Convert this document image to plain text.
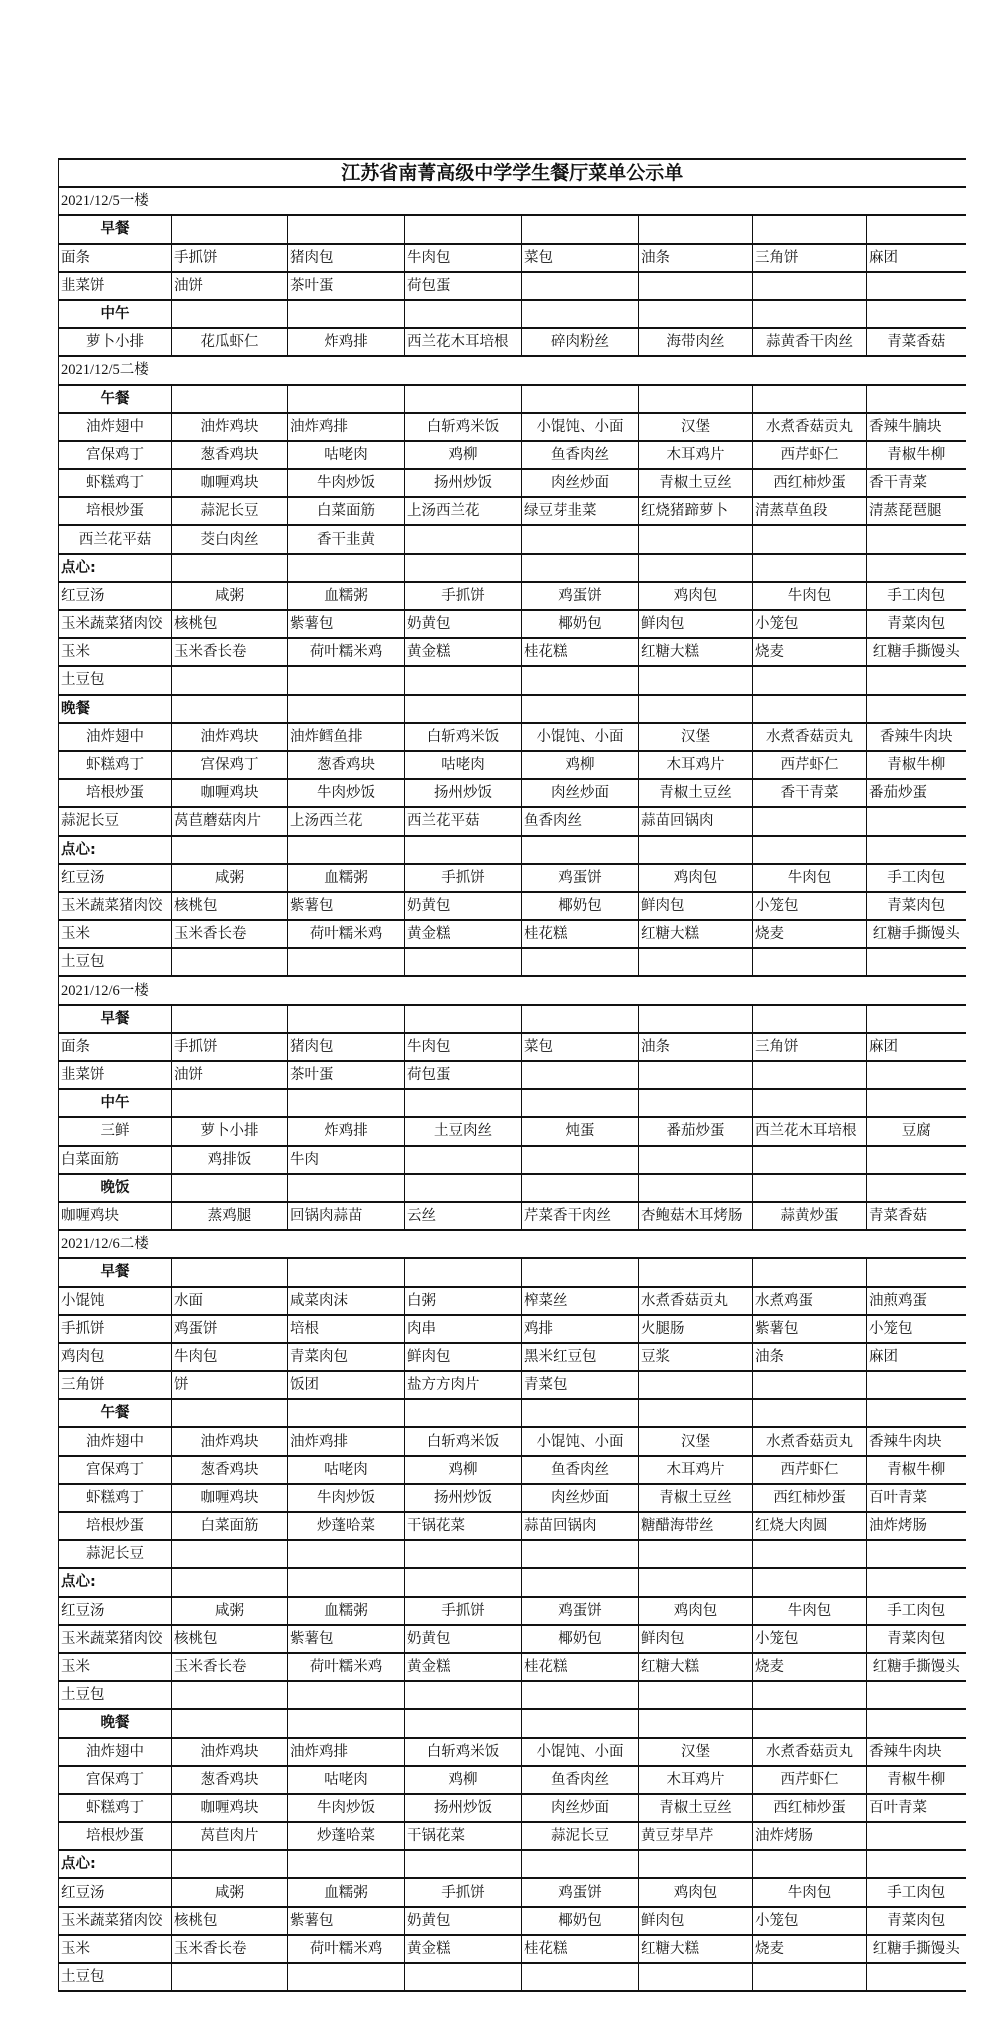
江苏省南菁高级中学学生餐厅菜单公示单							
2021/12/5一楼							
早餐							
面条	手抓饼	猪肉包	牛肉包	菜包	油条	三角饼	麻团
韭菜饼	油饼	茶叶蛋	荷包蛋				
中午							
萝卜小排	花瓜虾仁	炸鸡排	西兰花木耳培根	碎肉粉丝	海带肉丝	蒜黄香干肉丝	青菜香菇
2021/12/5二楼							
午餐							
油炸翅中	油炸鸡块	油炸鸡排	白斩鸡米饭	小馄饨、小面	汉堡	水煮香菇贡丸	香辣牛腩块
宫保鸡丁	葱香鸡块	咕咾肉	鸡柳	鱼香肉丝	木耳鸡片	西芹虾仁	青椒牛柳
虾糕鸡丁	咖喱鸡块	牛肉炒饭	扬州炒饭	肉丝炒面	青椒土豆丝	西红柿炒蛋	香干青菜
培根炒蛋	蒜泥长豆	白菜面筋	上汤西兰花	绿豆芽韭菜	红烧猪蹄萝卜	清蒸草鱼段	清蒸琵琶腿
西兰花平菇	茭白肉丝	香干韭黄					
点心:							
红豆汤	咸粥	血糯粥	手抓饼	鸡蛋饼	鸡肉包	牛肉包	手工肉包
玉米蔬菜猪肉饺	核桃包	紫薯包	奶黄包	椰奶包	鲜肉包	小笼包	青菜肉包
玉米	玉米香长卷	荷叶糯米鸡	黄金糕	桂花糕	红糖大糕	烧麦	红糖手撕馒头
土豆包							
晚餐							
油炸翅中	油炸鸡块	油炸鳕鱼排	白斩鸡米饭	小馄饨、小面	汉堡	水煮香菇贡丸	香辣牛肉块
虾糕鸡丁	宫保鸡丁	葱香鸡块	咕咾肉	鸡柳	木耳鸡片	西芹虾仁	青椒牛柳
培根炒蛋	咖喱鸡块	牛肉炒饭	扬州炒饭	肉丝炒面	青椒土豆丝	香干青菜	番茄炒蛋
蒜泥长豆	莴苣蘑菇肉片	上汤西兰花	西兰花平菇	鱼香肉丝	蒜苗回锅肉		
点心:							
红豆汤	咸粥	血糯粥	手抓饼	鸡蛋饼	鸡肉包	牛肉包	手工肉包
玉米蔬菜猪肉饺	核桃包	紫薯包	奶黄包	椰奶包	鲜肉包	小笼包	青菜肉包
玉米	玉米香长卷	荷叶糯米鸡	黄金糕	桂花糕	红糖大糕	烧麦	红糖手撕馒头
土豆包							
2021/12/6一楼							
早餐							
面条	手抓饼	猪肉包	牛肉包	菜包	油条	三角饼	麻团
韭菜饼	油饼	茶叶蛋	荷包蛋				
中午							
三鲜	萝卜小排	炸鸡排	土豆肉丝	炖蛋	番茄炒蛋	西兰花木耳培根	豆腐
白菜面筋	鸡排饭	牛肉					
晚饭							
咖喱鸡块	蒸鸡腿	回锅肉蒜苗	云丝	芹菜香干肉丝	杏鲍菇木耳烤肠	蒜黄炒蛋	青菜香菇
2021/12/6二楼							
早餐							
小馄饨	水面	咸菜肉沫	白粥	榨菜丝	水煮香菇贡丸	水煮鸡蛋	油煎鸡蛋
手抓饼	鸡蛋饼	培根	肉串	鸡排	火腿肠	紫薯包	小笼包
鸡肉包	牛肉包	青菜肉包	鲜肉包	黑米红豆包	豆浆	油条	麻团
三角饼	饼	饭团	盐方方肉片	青菜包			
午餐							
油炸翅中	油炸鸡块	油炸鸡排	白斩鸡米饭	小馄饨、小面	汉堡	水煮香菇贡丸	香辣牛肉块
宫保鸡丁	葱香鸡块	咕咾肉	鸡柳	鱼香肉丝	木耳鸡片	西芹虾仁	青椒牛柳
虾糕鸡丁	咖喱鸡块	牛肉炒饭	扬州炒饭	肉丝炒面	青椒土豆丝	西红柿炒蛋	百叶青菜
培根炒蛋	白菜面筋	炒蓬哈菜	干锅花菜	蒜苗回锅肉	糖醋海带丝	红烧大肉圆	油炸烤肠
蒜泥长豆							
点心:							
红豆汤	咸粥	血糯粥	手抓饼	鸡蛋饼	鸡肉包	牛肉包	手工肉包
玉米蔬菜猪肉饺	核桃包	紫薯包	奶黄包	椰奶包	鲜肉包	小笼包	青菜肉包
玉米	玉米香长卷	荷叶糯米鸡	黄金糕	桂花糕	红糖大糕	烧麦	红糖手撕馒头
土豆包							
晚餐							
油炸翅中	油炸鸡块	油炸鸡排	白斩鸡米饭	小馄饨、小面	汉堡	水煮香菇贡丸	香辣牛肉块
宫保鸡丁	葱香鸡块	咕咾肉	鸡柳	鱼香肉丝	木耳鸡片	西芹虾仁	青椒牛柳
虾糕鸡丁	咖喱鸡块	牛肉炒饭	扬州炒饭	肉丝炒面	青椒土豆丝	西红柿炒蛋	百叶青菜
培根炒蛋	莴苣肉片	炒蓬哈菜	干锅花菜	蒜泥长豆	黄豆芽旱芹	油炸烤肠	
点心:							
红豆汤	咸粥	血糯粥	手抓饼	鸡蛋饼	鸡肉包	牛肉包	手工肉包
玉米蔬菜猪肉饺	核桃包	紫薯包	奶黄包	椰奶包	鲜肉包	小笼包	青菜肉包
玉米	玉米香长卷	荷叶糯米鸡	黄金糕	桂花糕	红糖大糕	烧麦	红糖手撕馒头
土豆包							
